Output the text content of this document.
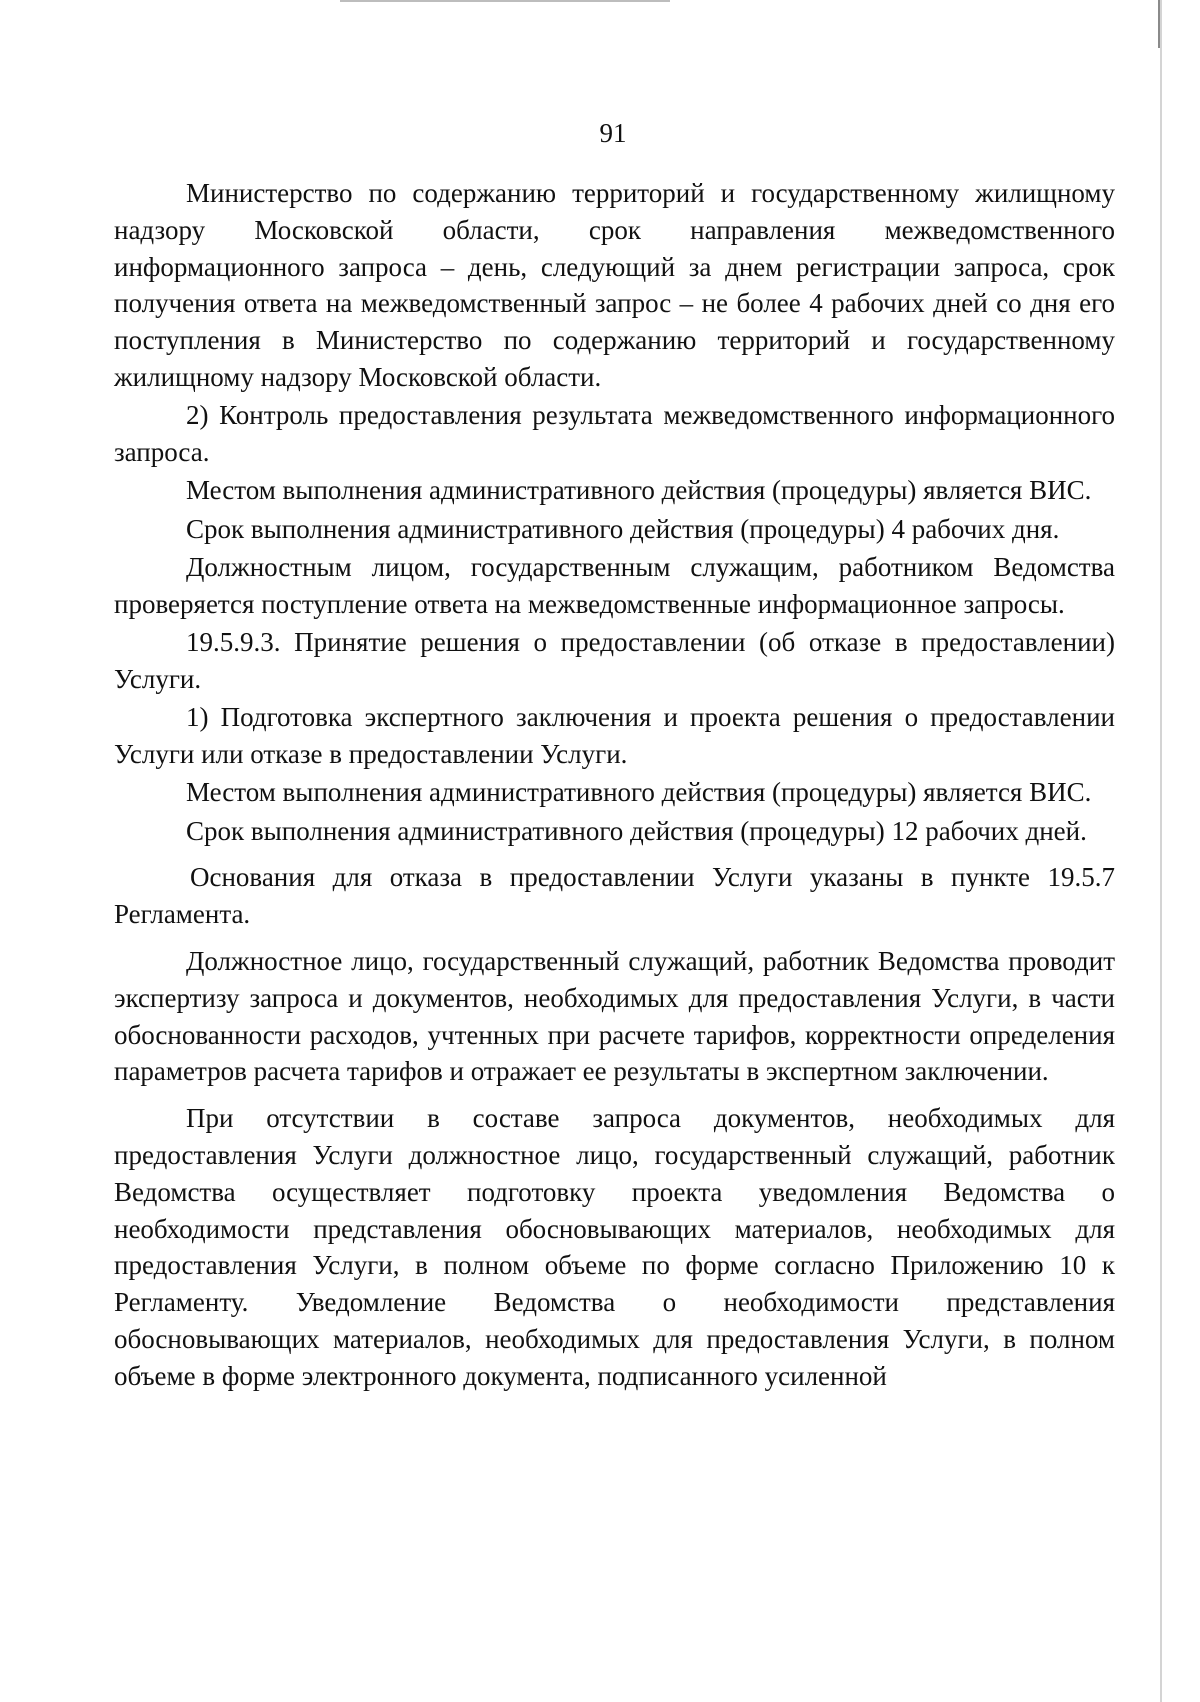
91

Министерство по содержанию территорий и государственному жилищному надзору Московской области, срок направления межведомственного информационного запроса – день, следующий за днем регистрации запроса, срок получения ответа на межведомственный запрос – не более 4 рабочих дней со дня его поступления в Министерство по содержанию территорий и государственному жилищному надзору Московской области.

2) Контроль предоставления результата межведомственного информационного запроса.

Местом выполнения административного действия (процедуры) является ВИС.

Срок выполнения административного действия (процедуры) 4 рабочих дня.

Должностным лицом, государственным служащим, работником Ведомства проверяется поступление ответа на межведомственные информационное запросы.

19.5.9.3. Принятие решения о предоставлении (об отказе в предоставлении) Услуги.

1) Подготовка экспертного заключения и проекта решения о предоставлении Услуги или отказе в предоставлении Услуги.

Местом выполнения административного действия (процедуры) является ВИС.

Срок выполнения административного действия (процедуры) 12 рабочих дней.

Основания для отказа в предоставлении Услуги указаны в пункте 19.5.7 Регламента.

Должностное лицо, государственный служащий, работник Ведомства проводит экспертизу запроса и документов, необходимых для предоставления Услуги, в части обоснованности расходов, учтенных при расчете тарифов, корректности определения параметров расчета тарифов и отражает ее результаты в экспертном заключении.

При отсутствии в составе запроса документов, необходимых для предоставления Услуги должностное лицо, государственный служащий, работник Ведомства осуществляет подготовку проекта уведомления Ведомства о необходимости представления обосновывающих материалов, необходимых для предоставления Услуги, в полном объеме по форме согласно Приложению 10 к Регламенту. Уведомление Ведомства о необходимости представления обосновывающих материалов, необходимых для предоставления Услуги, в полном объеме в форме электронного документа, подписанного усиленной
